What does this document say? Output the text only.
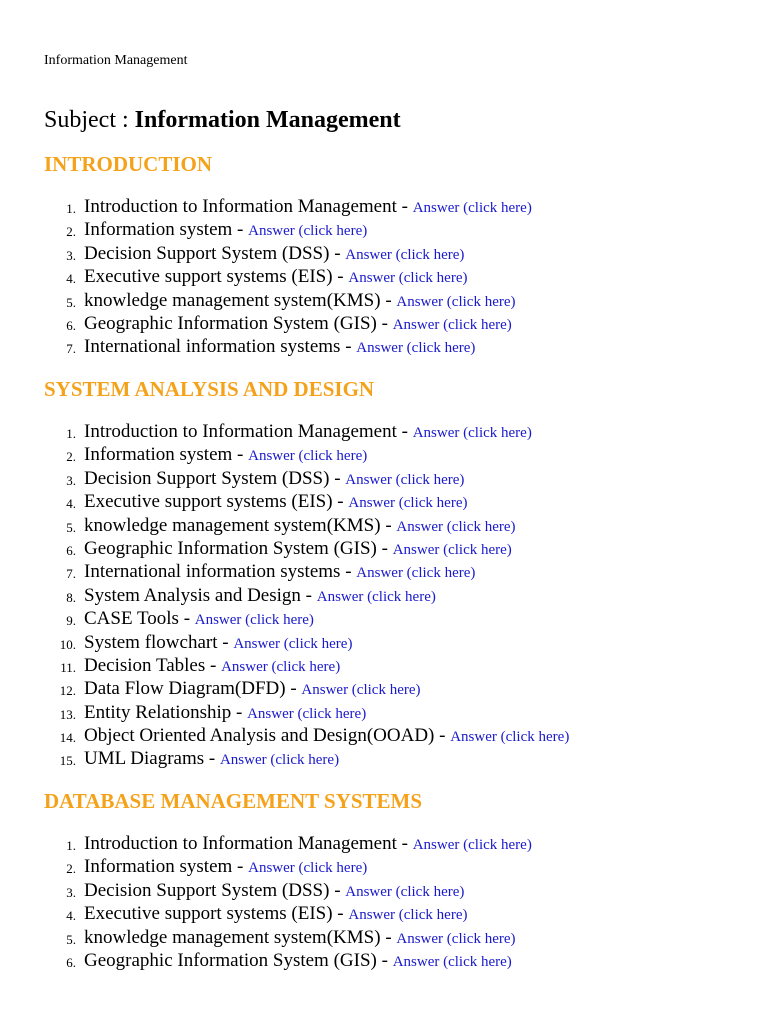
Information Management
Subject : Information Management
INTRODUCTION
1. Introduction to Information Management - Answer (click here)
2. Information system - Answer (click here)
3. Decision Support System (DSS) - Answer (click here)
4. Executive support systems (EIS) - Answer (click here)
5. knowledge management system(KMS) - Answer (click here)
6. Geographic Information System (GIS) - Answer (click here)
7. International information systems - Answer (click here)
SYSTEM ANALYSIS AND DESIGN
1. Introduction to Information Management - Answer (click here)
2. Information system - Answer (click here)
3. Decision Support System (DSS) - Answer (click here)
4. Executive support systems (EIS) - Answer (click here)
5. knowledge management system(KMS) - Answer (click here)
6. Geographic Information System (GIS) - Answer (click here)
7. International information systems - Answer (click here)
8. System Analysis and Design - Answer (click here)
9. CASE Tools - Answer (click here)
10. System flowchart - Answer (click here)
11. Decision Tables - Answer (click here)
12. Data Flow Diagram(DFD) - Answer (click here)
13. Entity Relationship - Answer (click here)
14. Object Oriented Analysis and Design(OOAD) - Answer (click here)
15. UML Diagrams - Answer (click here)
DATABASE MANAGEMENT SYSTEMS
1. Introduction to Information Management - Answer (click here)
2. Information system - Answer (click here)
3. Decision Support System (DSS) - Answer (click here)
4. Executive support systems (EIS) - Answer (click here)
5. knowledge management system(KMS) - Answer (click here)
6. Geographic Information System (GIS) - Answer (click here)
